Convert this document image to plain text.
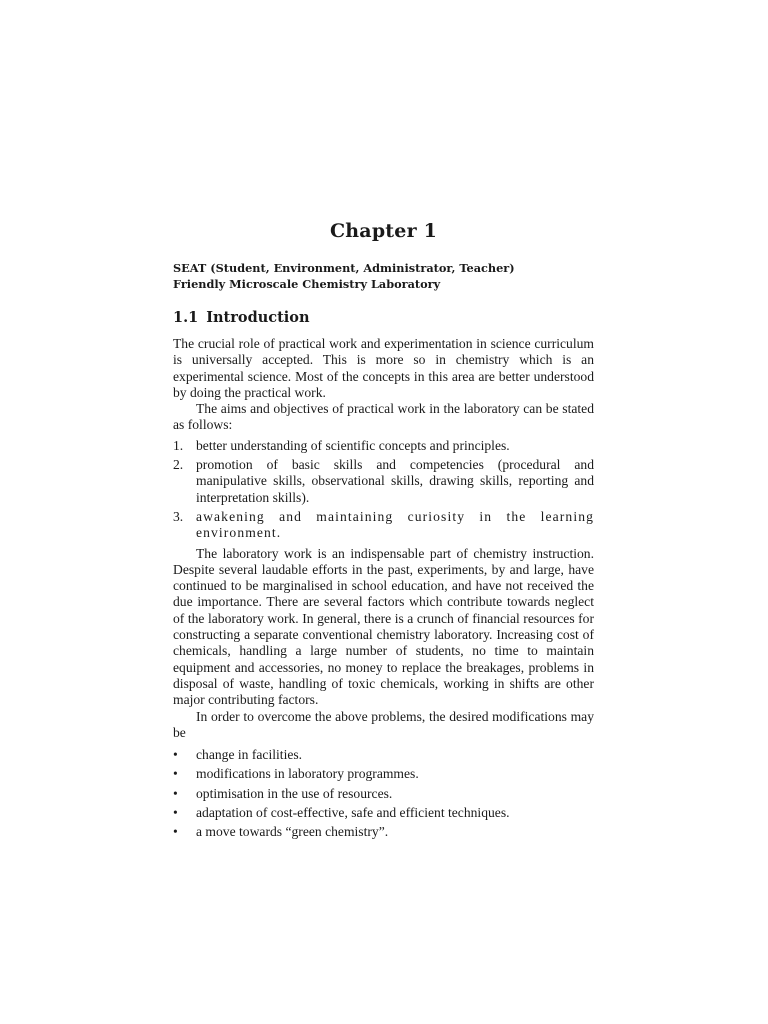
Chapter 1
SEAT (Student, Environment, Administrator, Teacher)
Friendly Microscale Chemistry Laboratory
1.1 Introduction

The crucial role of practical work and experimentation in science curriculum is universally accepted. This is more so in chemistry which is an experimental science. Most of the concepts in this area are better understood by doing the practical work.

The aims and objectives of practical work in the laboratory can be stated as follows:

1. better understanding of scientific concepts and principles.
2. promotion of basic skills and competencies (procedural and manipulative skills, observational skills, drawing skills, reporting and interpretation skills).
3. awakening and maintaining curiosity in the learning environment.

The laboratory work is an indispensable part of chemistry instruction. Despite several laudable efforts in the past, experiments, by and large, have continued to be marginalised in school education, and have not received the due importance. There are several factors which contribute towards neglect of the laboratory work. In general, there is a crunch of financial resources for constructing a separate conventional chemistry laboratory. Increasing cost of chemicals, handling a large number of students, no time to maintain equipment and accessories, no money to replace the breakages, problems in disposal of waste, handling of toxic chemicals, working in shifts are other major contributing factors.

In order to overcome the above problems, the desired modifications may be

• change in facilities.
• modifications in laboratory programmes.
• optimisation in the use of resources.
• adaptation of cost-effective, safe and efficient techniques.
• a move towards “green chemistry”.
